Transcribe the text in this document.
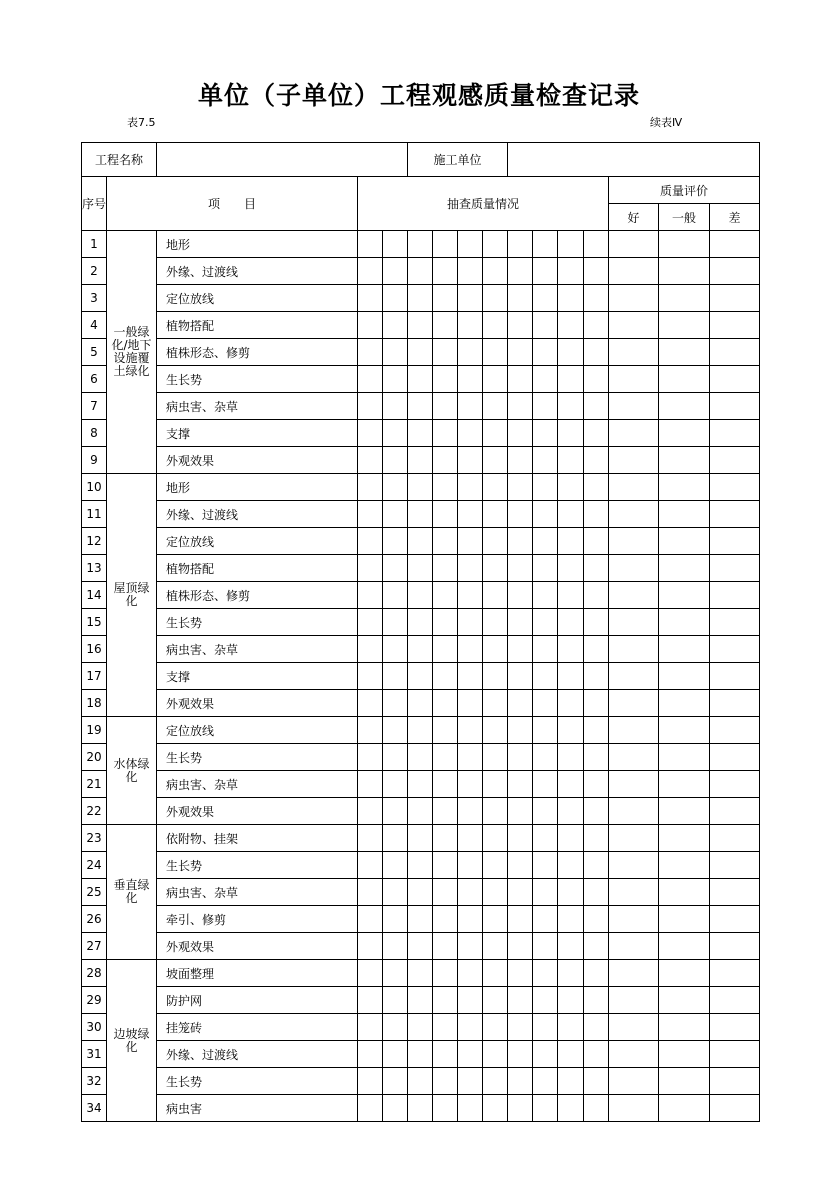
单位（子单位）工程观感质量检查记录
表7.5	续表Ⅳ
工程名称					施工单位										
序号	项　　目		抽查质量情况										质量评价		
													好	一般	差
1	一般绿化/地下设施覆土绿化	地形													
2		外缘、过渡线													
3		定位放线													
4		植物搭配													
5		植株形态、修剪													
6		生长势													
7		病虫害、杂草													
8		支撑													
9		外观效果													
10	屋顶绿化	地形													
11		外缘、过渡线													
12		定位放线													
13		植物搭配													
14		植株形态、修剪													
15		生长势													
16		病虫害、杂草													
17		支撑													
18		外观效果													
19	水体绿化	定位放线													
20		生长势													
21		病虫害、杂草													
22		外观效果													
23	垂直绿化	依附物、挂架													
24		生长势													
25		病虫害、杂草													
26		牵引、修剪													
27		外观效果													
28	边坡绿化	坡面整理													
29		防护网													
30		挂笼砖													
31		外缘、过渡线													
32		生长势													
34		病虫害													
